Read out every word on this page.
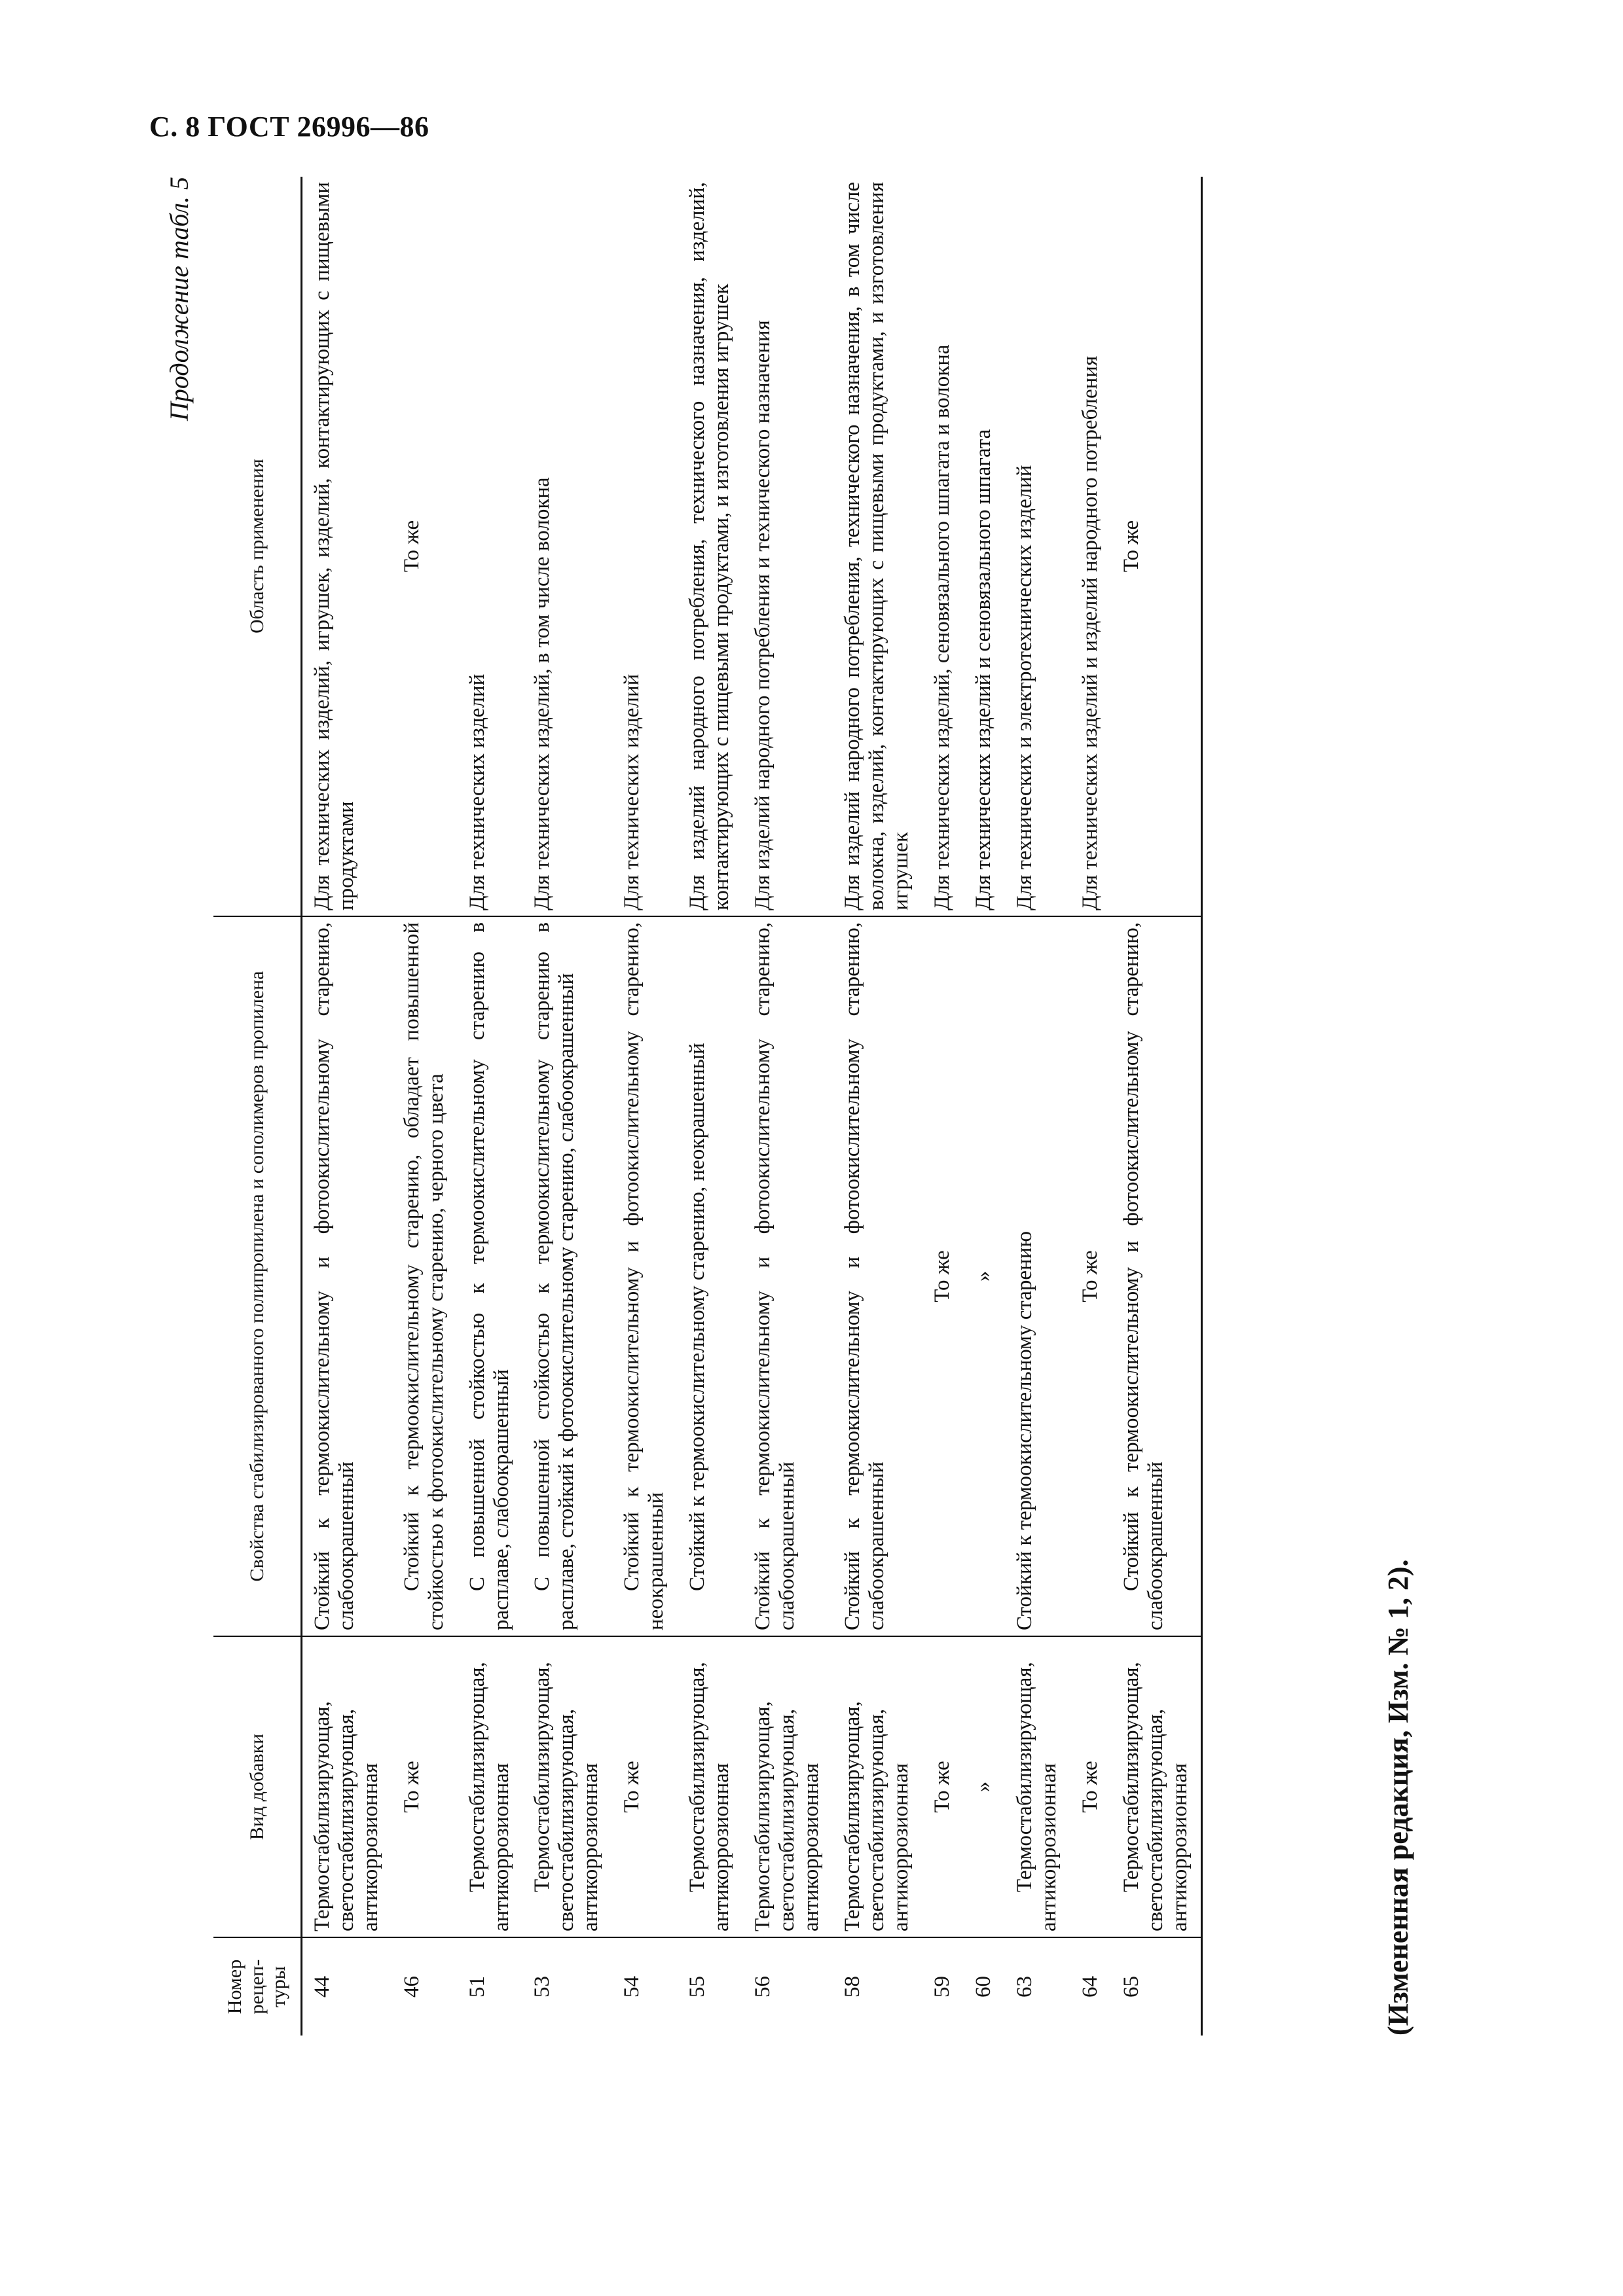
С. 8 ГОСТ 26996—86
Продолжение табл. 5
Номер рецеп-туры	Вид добавки	Свойства стабилизированного полипропилена и сополимеров пропилена	Область применения
44	Термостабилизирующая, светостабилизирующая, антикоррозионная	Стойкий к термоокислительному и фотоокислительному старению, слабоокрашенный	Для технических изделий, игрушек, изделий, контактирующих с пищевыми продуктами
46	То же	Стойкий к термоокислительному старению, обладает повышенной стойкостью к фотоокислительному старению, черного цвета	То же
51	Термостабилизирующая, антикоррозионная	С повышенной стойкостью к термоокислительному старению в расплаве, слабоокрашенный	Для технических изделий
53	Термостабилизирующая, светостабилизирующая, антикоррозионная	С повышенной стойкостью к термоокислительному старению в расплаве, стойкий к фотоокислительному старению, слабоокрашенный	Для технических изделий, в том числе волокна
54	То же	Стойкий к термоокислительному и фотоокислительному старению, неокрашенный	Для технических изделий
55	Термостабилизирующая, антикоррозионная	Стойкий к термоокислительному старению, неокрашенный	Для изделий народного потребления, технического назначения, изделий, контактирующих с пищевыми продуктами, и изготовления игрушек
56	Термостабилизирующая, светостабилизирующая, антикоррозионная	Стойкий к термоокислительному и фотоокислительному старению, слабоокрашенный	Для изделий народного потребления и технического назначения
58	Термостабилизирующая, светостабилизирующая, антикоррозионная	Стойкий к термоокислительному и фотоокислительному старению, слабоокрашенный	Для изделий народного потребления, технического назначения, в том числе волокна, изделий, контактирующих с пищевыми продуктами, и изготовления игрушек
59	То же	То же	Для технических изделий, сеновязального шпагата и волокна
60	»	»	Для технических изделий и сеновязального шпагата
63	Термостабилизирующая, антикоррозионная	Стойкий к термоокислительному старению	Для технических и электротехнических изделий
64	То же	То же	Для технических изделий и изделий народного потребления
65	Термостабилизирующая, светостабилизирующая, антикоррозионная	Стойкий к термоокислительному и фотоокислительному старению, слабоокрашенный	То же
(Измененная редакция, Изм. № 1, 2).
